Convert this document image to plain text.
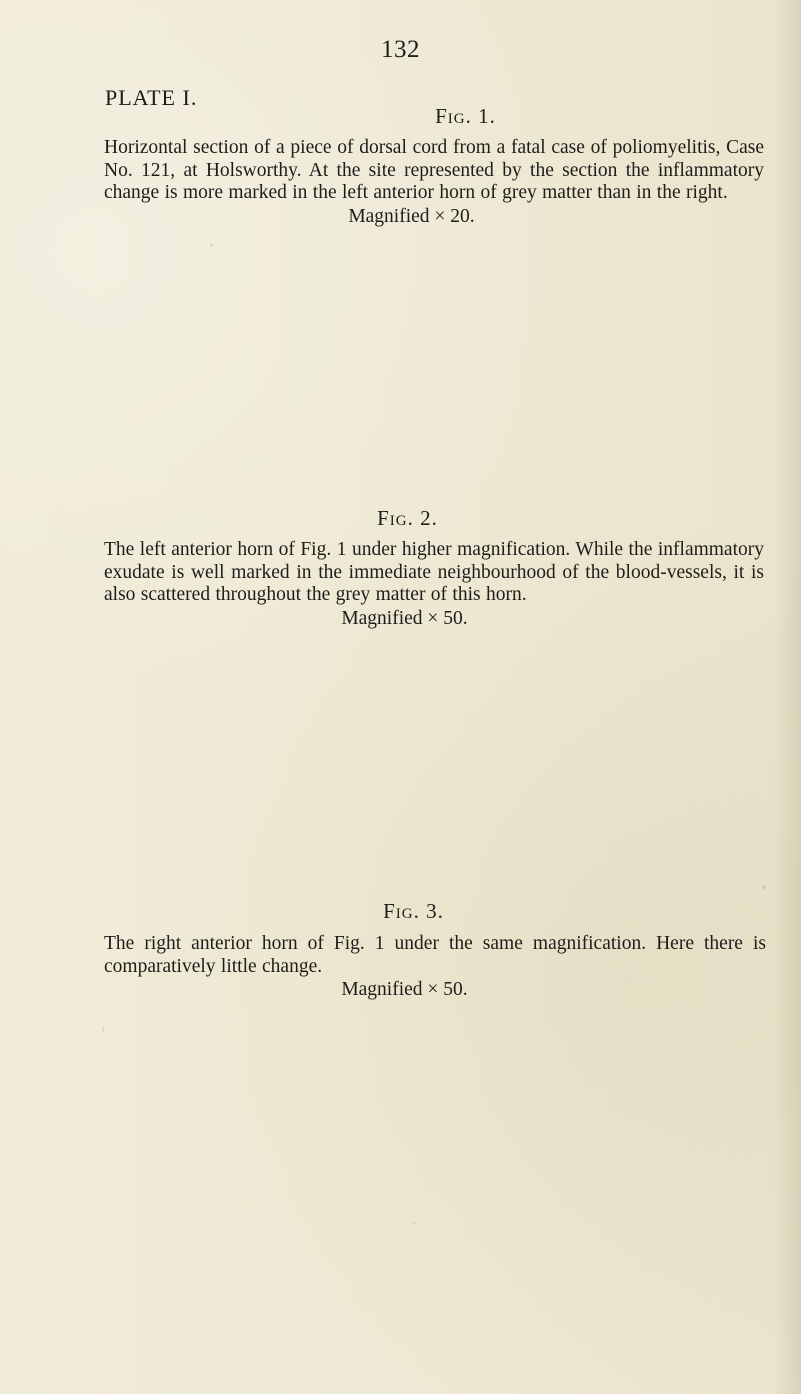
132
PLATE I.
Fig. 1.
Horizontal section of a piece of dorsal cord from a fatal case of poliomyelitis, Case No. 121, at Holsworthy. At the site represented by the section the inflammatory change is more marked in the left anterior horn of grey matter than in the right.
Magnified × 20.
Fig. 2.
The left anterior horn of Fig. 1 under higher magnification. While the inflammatory exudate is well marked in the immediate neighbourhood of the blood-vessels, it is also scattered throughout the grey matter of this horn.
Magnified × 50.
Fig. 3.
The right anterior horn of Fig. 1 under the same magnification. Here there is comparatively little change.
Magnified × 50.
